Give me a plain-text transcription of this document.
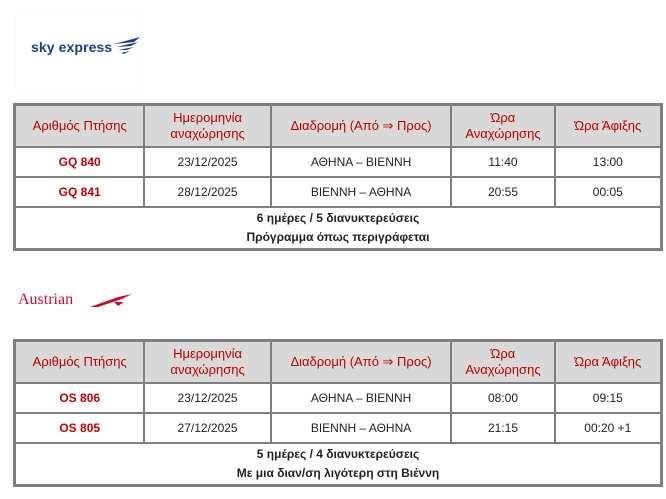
sky express
Αριθμός Πτήσης	Ημερομηνία αναχώρησης	Διαδρομή (Από ⇒ Προς)	Ώρα Αναχώρησης	Ώρα Άφιξης
GQ 840	23/12/2025	ΑΘΗΝΑ – ΒΙΕΝΝΗ	11:40	13:00
GQ 841	28/12/2025	ΒΙΕΝΝΗ – ΑΘΗΝΑ	20:55	00:05

6 ημέρες / 5 διανυκτερεύσεις
Πρόγραμμα όπως περιγράφεται				
Austrian
Αριθμός Πτήσης	Ημερομηνία αναχώρησης	Διαδρομή (Από ⇒ Προς)	Ώρα Αναχώρησης	Ώρα Άφιξης
OS 806	23/12/2025	ΑΘΗΝΑ – ΒΙΕΝΝΗ	08:00	09:15
OS 805	27/12/2025	ΒΙΕΝΝΗ – ΑΘΗΝΑ	21:15	00:20 +1

5 ημέρες / 4 διανυκτερεύσεις
Με μια διαν/ση λιγότερη στη Βιέννη				
